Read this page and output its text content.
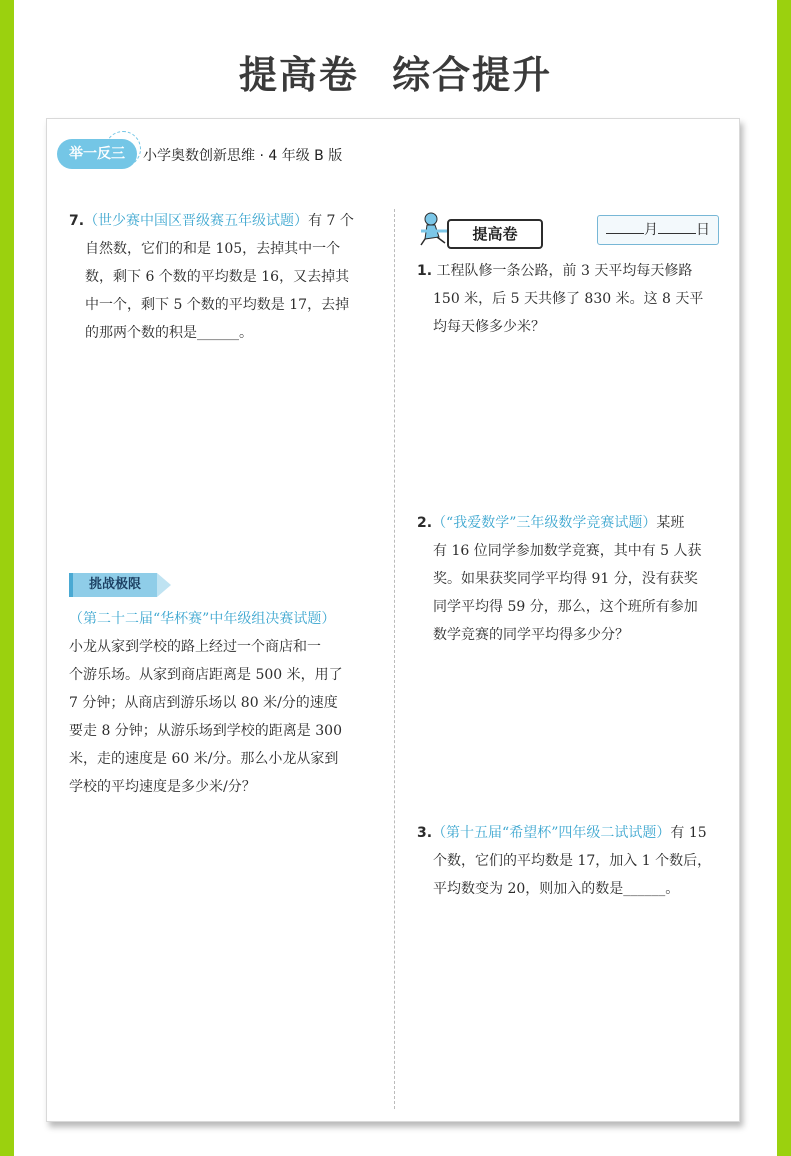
提高卷 综合提升
举一反三	小学奥数创新思维 · 4 年级 B 版
7.（世少赛中国区晋级赛五年级试题）有 7 个
自然数，它们的和是 105，去掉其中一个
数，剩下 6 个数的平均数是 16，又去掉其
中一个，剩下 5 个数的平均数是 17，去掉
的那两个数的积是______。
挑战极限
（第二十二届“华杯赛”中年级组决赛试题）
小龙从家到学校的路上经过一个商店和一
个游乐场。从家到商店距离是 500 米，用了
7 分钟；从商店到游乐场以 80 米/分的速度
要走 8 分钟；从游乐场到学校的距离是 300
米，走的速度是 60 米/分。那么小龙从家到
学校的平均速度是多少米/分？
提高卷	月	日
1. 工程队修一条公路，前 3 天平均每天修路
150 米，后 5 天共修了 830 米。这 8 天平
均每天修多少米？
2.（“我爱数学”三年级数学竞赛试题）某班
有 16 位同学参加数学竞赛，其中有 5 人获
奖。如果获奖同学平均得 91 分，没有获奖
同学平均得 59 分，那么，这个班所有参加
数学竞赛的同学平均得多少分？
3.（第十五届“希望杯”四年级二试试题）有 15
个数，它们的平均数是 17，加入 1 个数后，
平均数变为 20，则加入的数是______。
